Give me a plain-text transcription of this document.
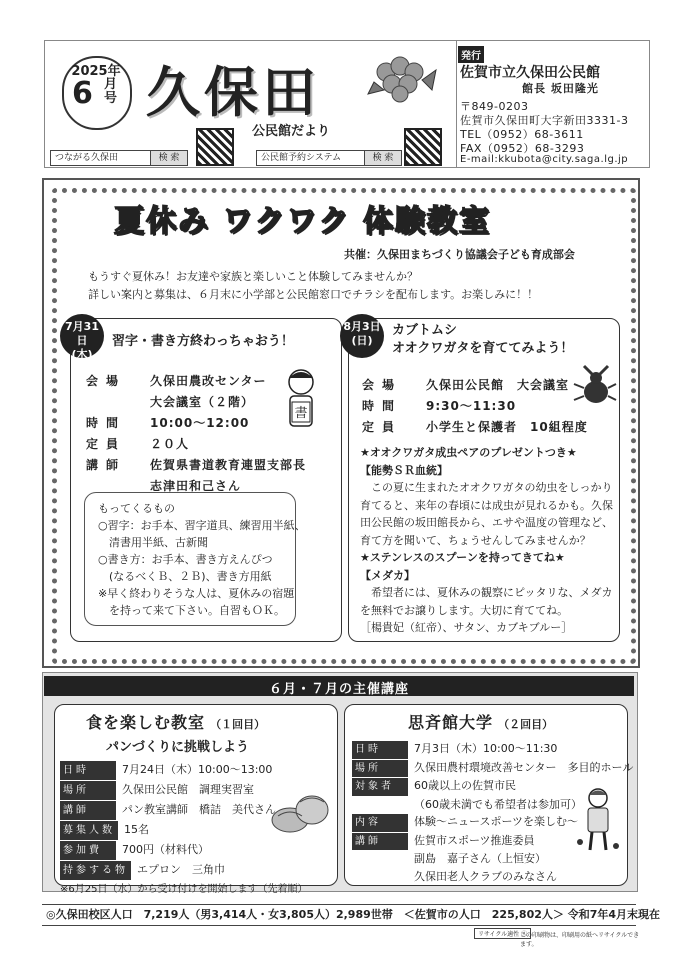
2025年
6 月号 久保田
公民館だより
つながる久保田	検 索	公民館予約システム	検 索
発行
佐賀市立久保田公民館
館長 坂田隆光
〒849-0203
佐賀市久保田町大字新田3331-3
TEL（0952）68-3611
FAX（0952）68-3293
E-mail:kkubota@city.saga.lg.jp
夏休み ワクワク 体験教室
共催：久保田まちづくり協議会子ども育成部会
もうすぐ夏休み！お友達や家族と楽しいこと体験してみませんか？
詳しい案内と募集は、６月末に小学部と公民館窓口でチラシを配布します。お楽しみに！！
7月31日
(木)
習字・書き方終わっちゃおう！
会場 久保田農改センター
大会議室（２階）
時間 10:00～12:00
定員 ２０人
講師 佐賀県書道教育連盟支部長
志津田和己さん
書
もってくるもの
○習字：お手本、習字道具、練習用半紙、
　清書用半紙、古新聞
○書き方：お手本、書き方えんぴつ
　(なるべくＢ、２Ｂ)、書き方用紙
※早く終わりそうな人は、夏休みの宿題
　を持って来て下さい。自習もＯＫ。
8月3日
(日)
カブトムシ
オオクワガタを育ててみよう！
会場 久保田公民館　大会議室
時間 9:30～11:30
定員 小学生と保護者　10組程度
★オオクワガタ成虫ペアのプレゼントつき★
【能勢ＳＲ血統】
　この夏に生まれたオオクワガタの幼虫をしっかり
育てると、来年の春頃には成虫が見れるかも。久保
田公民館の坂田館長から、エサや温度の管理など、
育て方を聞いて、ちょうせんしてみませんか？
★ステンレスのスプーンを持ってきてね★
【メダカ】
　希望者には、夏休みの観察にピッタリな、メダカ
を無料でお譲りします。大切に育ててね。
［楊貴妃（紅帝）、サタン、カブキブルー］
６月・７月の主催講座
食を楽しむ教室 （１回目）
パンづくりに挑戦しよう
日時	7月24日（木）10:00～13:00
場所	久保田公民館　調理実習室
講師	パン教室講師　橋詰　美代さん
募集人数 15名
参加費 700円（材料代）
持参する物 エプロン　三角巾
※6月25日（水）から受け付けを開始します（先着順）
思斉館大学 （２回目）
日時	7月3日（木）10:00～11:30
場所	久保田農村環境改善センター　多目的ホール
対象者 60歳以上の佐賀市民
（60歳未満でも希望者は参加可）
内容	体験～ニュースポーツを楽しむ～
講師	佐賀市スポーツ推進委員
副島　嘉子さん（上恒安）
久保田老人クラブのみなさん
◎久保田校区人口　7,219人（男3,414人・女3,805人）2,989世帯　＜佐賀市の人口　225,802人＞ 令和7年4月末現在
リサイクル適性 Ⓐ
この印刷物は、印刷用の紙へリサイクルできます。
